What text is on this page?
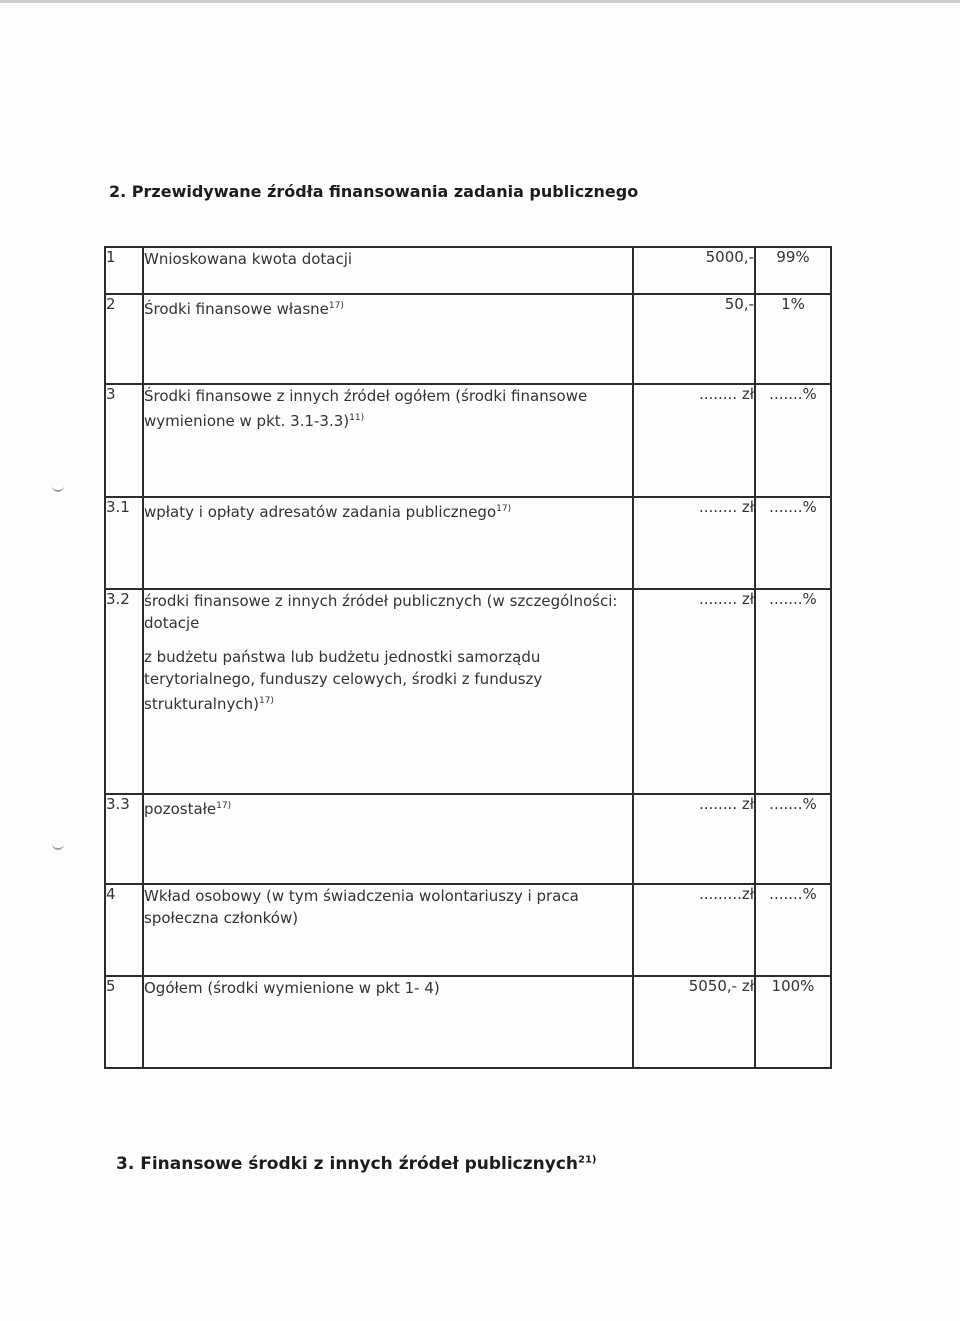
2. Przewidywane źródła finansowania zadania publicznego
1	Wnioskowana kwota dotacji	5000,-	99%
2	Środki finansowe własne$^{17)}$	50,-	1%
3	Środki finansowe z innych źródeł ogółem (środki finansowe wymienione w pkt. 3.1-3.3)$^{11)}$	........ zł	.......%
3.1	wpłaty i opłaty adresatów zadania publicznego$^{17)}$	........ zł	.......%
3.2	środki finansowe z innych źródeł publicznych (w szczególności: dotacje
z budżetu państwa lub budżetu jednostki samorządu terytorialnego, funduszy celowych, środki z funduszy strukturalnych)$^{17)}$	........ zł	.......%
3.3	pozostałe$^{17)}$	........ zł	.......%
4	Wkład osobowy (w tym świadczenia wolontariuszy i praca społeczna członków)	.........zł	.......%
5	Ogółem (środki wymienione w pkt 1- 4)	5050,- zł	100%
3. Finansowe środki z innych źródeł publicznych$^{21)}$
